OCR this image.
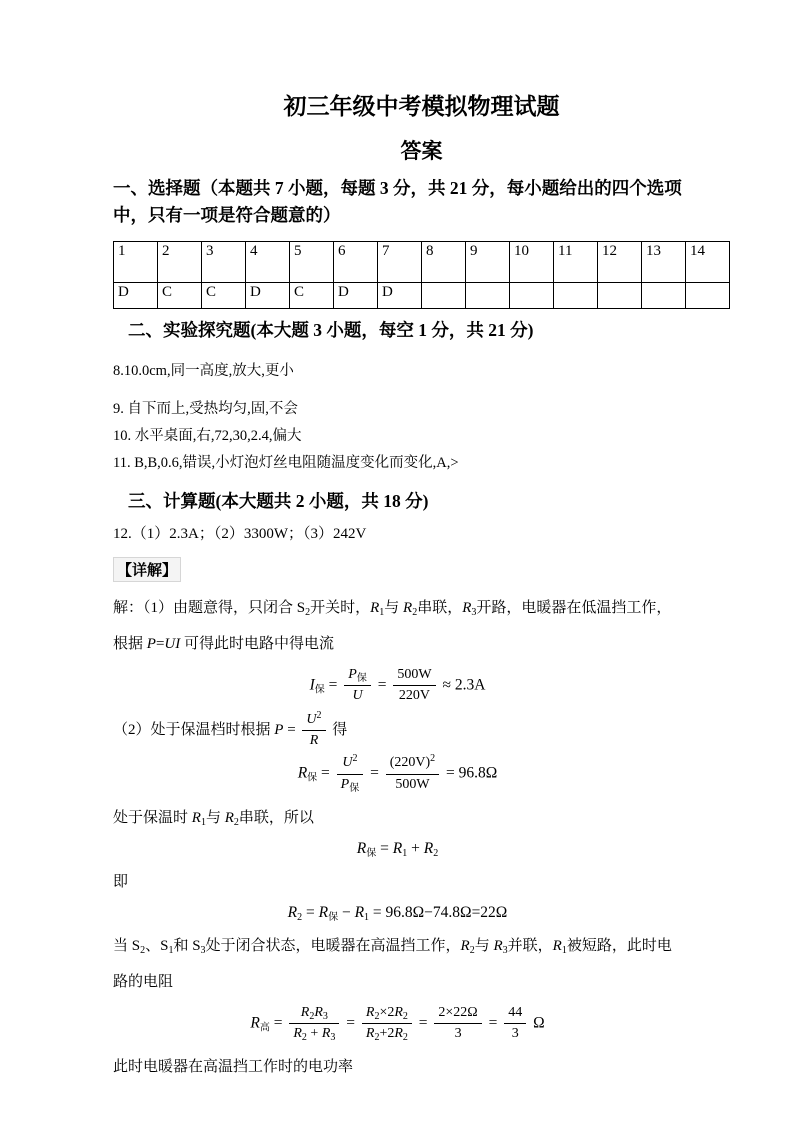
初三年级中考模拟物理试题
答案

一、选择题（本题共 7 小题，每题 3 分，共 21 分，每小题给出的四个选项中，只有一项是符合题意的）

1	2	3	4	5	6	7	8	9	10	11	12	13	14
D	C	C	D	C	D	D							

二、实验探究题(本大题 3 小题，每空 1 分，共 21 分)

8.10.0cm,同一高度,放大,更小

9. 自下而上,受热均匀,固,不会

10. 水平桌面,右,72,30,2.4,偏大

11. B,B,0.6,错误,小灯泡灯丝电阻随温度变化而变化,A,>

三、计算题(本大题共 2 小题，共 18 分)

12.（1）2.3A；（2）3300W；（3）242V

【详解】

解：（1）由题意得，只闭合 $S_2$开关时，$R_1$与 $R_2$串联，$R_3$开路，电暖器在低温挡工作，根据 P=UI 可得此时电路中得电流

$I_保 = \frac{P_保}{U} = \frac{500W}{220V} \approx 2.3A$

（2）处于保温档时根据 $P = \frac{U^2}{R}$ 得

$R_保 = \frac{U^2}{P_保} = \frac{(220V)^2}{500W} = 96.8\Omega$

处于保温时 $R_1$与 $R_2$串联，所以

$R_保 = R_1 + R_2$

即

$R_2 = R_保 - R_1 = 96.8\Omega-74.8\Omega=22\Omega$

当 $S_2$、$S_1$和 $S_3$处于闭合状态，电暖器在高温挡工作，$R_2$与 $R_3$并联，$R_1$被短路，此时电路的电阻

$R_高 = \frac{R_2R_3}{R_2 + R_3} = \frac{R_2\times 2R_2}{R_2+2R_2} = \frac{2\times 22\Omega}{3} = \frac{44}{3}$ Ω

此时电暖器在高温挡工作时的电功率
